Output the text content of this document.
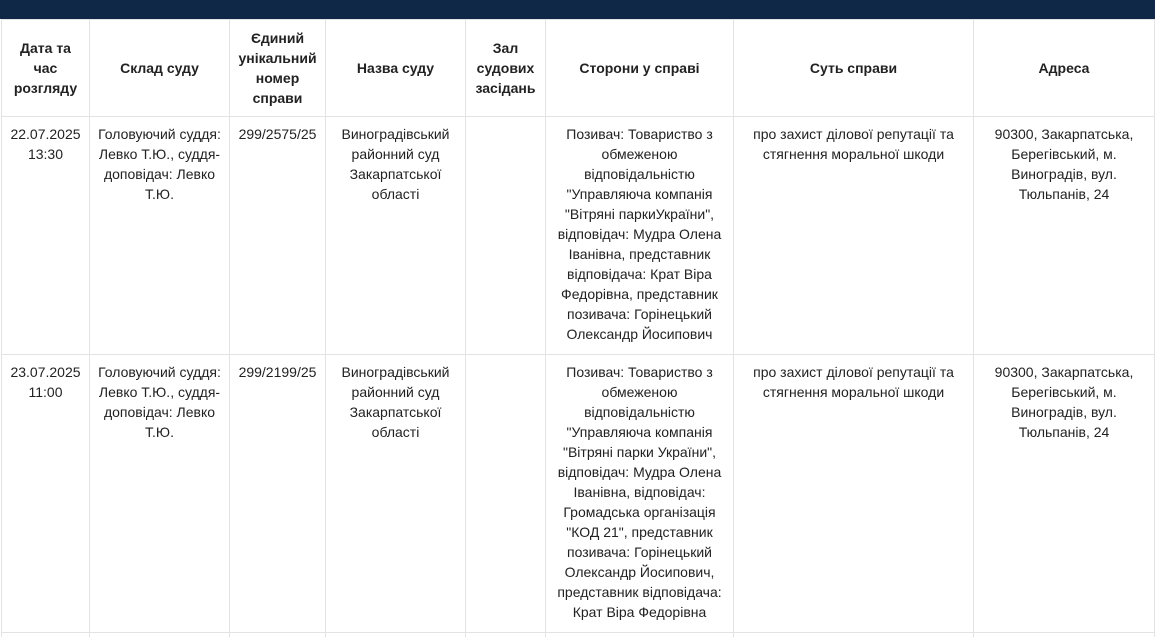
Дата та час розгляду	Склад суду	Єдиний унікальний номер справи	Назва суду	Зал судових засідань	Сторони у справі	Суть справи	Адреса
22.07.2025 13:30	Головуючий суддя: Левко Т.Ю., суддя-доповідач: Левко Т.Ю.	299/2575/25	Виноградівський районний суд Закарпатської області		Позивач: Товариство з обмеженою відповідальністю "Управляюча компанія "Вітряні паркиУкраїни", відповідач: Мудра Олена Іванівна, представник відповідача: Крат Віра Федорівна, представник позивача: Горінецький Олександр Йосипович	про захист ділової репутації та стягнення моральної шкоди	90300, Закарпатська, Берегівський, м. Виноградів, вул. Тюльпанів, 24
23.07.2025 11:00	Головуючий суддя: Левко Т.Ю., суддя-доповідач: Левко Т.Ю.	299/2199/25	Виноградівський районний суд Закарпатської області		Позивач: Товариство з обмеженою відповідальністю "Управляюча компанія "Вітряні парки України", відповідач: Мудра Олена Іванівна, відповідач: Громадська організація "КОД 21", представник позивача: Горінецький Олександр Йосипович, представник відповідача: Крат Віра Федорівна	про захист ділової репутації та стягнення моральної шкоди	90300, Закарпатська, Берегівський, м. Виноградів, вул. Тюльпанів, 24
